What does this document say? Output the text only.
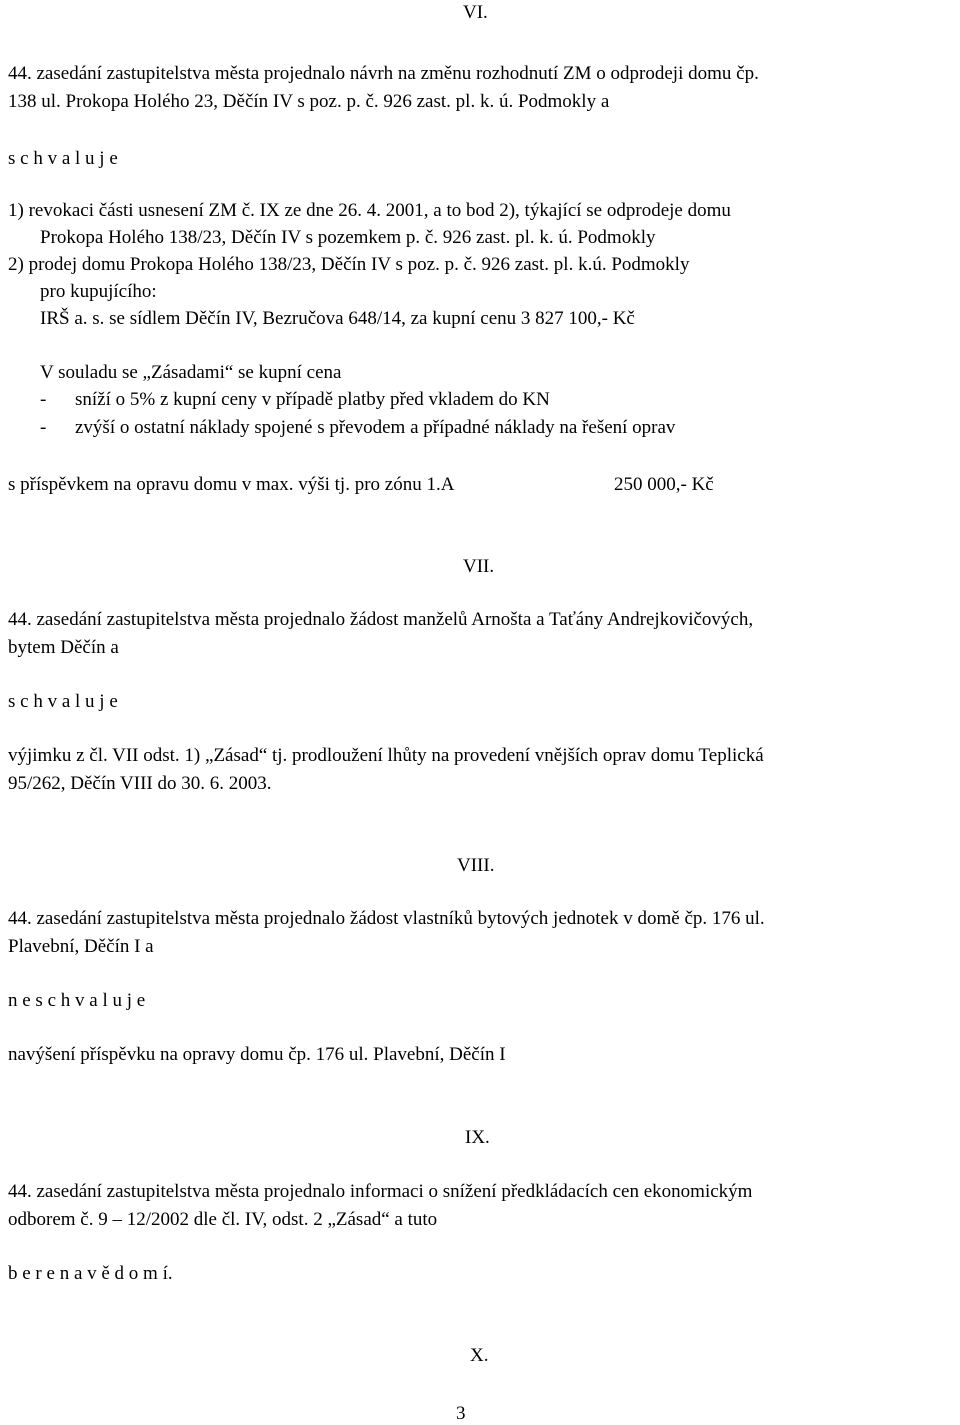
VI.
44. zasedání zastupitelstva města projednalo návrh na změnu rozhodnutí ZM o odprodeji domu čp.
138 ul. Prokopa Holého 23, Děčín IV s poz. p. č. 926 zast. pl. k. ú. Podmokly a
s c h v a l u j e
1) revokaci části usnesení ZM č. IX ze dne 26. 4. 2001, a to bod 2), týkající se odprodeje domu
Prokopa Holého 138/23, Děčín IV s pozemkem p. č. 926 zast. pl. k. ú. Podmokly
2) prodej domu Prokopa Holého 138/23, Děčín IV s poz. p. č. 926 zast. pl. k.ú. Podmokly
pro kupujícího:
IRŠ a. s. se sídlem Děčín IV, Bezručova 648/14, za kupní cenu 3 827 100,- Kč
V souladu se „Zásadami“ se kupní cena
- sníží o 5% z kupní ceny v případě platby před vkladem do KN
- zvýší o ostatní náklady spojené s převodem a případné náklady na řešení oprav
s příspěvkem na opravu domu v max. výši tj. pro zónu 1.A	250 000,- Kč
VII.
44. zasedání zastupitelstva města projednalo žádost manželů Arnošta a Taťány Andrejkovičových,
bytem Děčín a
s c h v a l u j e
výjimku z čl. VII odst. 1) „Zásad“ tj. prodloužení lhůty na provedení vnějších oprav domu Teplická
95/262, Děčín VIII do 30. 6. 2003.
VIII.
44. zasedání zastupitelstva města projednalo žádost vlastníků bytových jednotek v domě čp. 176 ul.
Plavební, Děčín I a
n e s c h v a l u j e
navýšení příspěvku na opravy domu čp. 176 ul. Plavební, Děčín I
IX.
44. zasedání zastupitelstva města projednalo informaci o snížení předkládacích cen ekonomickým
odborem č. 9 – 12/2002 dle čl. IV, odst. 2 „Zásad“ a tuto
b e r e n a v ě d o m í.
X.
3
